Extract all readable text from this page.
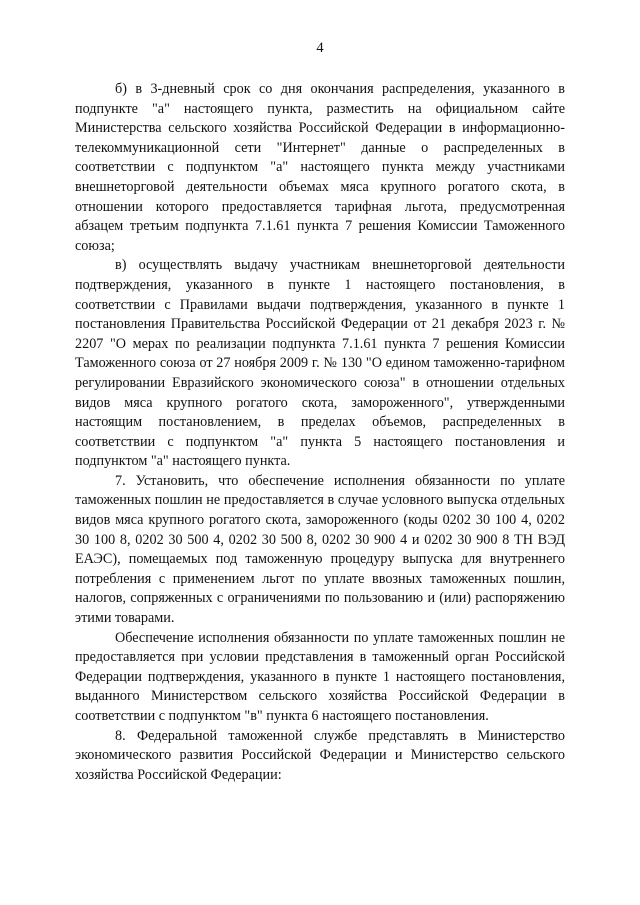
4

б) в 3-дневный срок со дня окончания распределения, указанного в подпункте "а" настоящего пункта, разместить на официальном сайте Министерства сельского хозяйства Российской Федерации в информационно-телекоммуникационной сети "Интернет" данные о распределенных в соответствии с подпунктом "а" настоящего пункта между участниками внешнеторговой деятельности объемах мяса крупного рогатого скота, в отношении которого предоставляется тарифная льгота, предусмотренная абзацем третьим подпункта 7.1.61 пункта 7 решения Комиссии Таможенного союза;

в) осуществлять выдачу участникам внешнеторговой деятельности подтверждения, указанного в пункте 1 настоящего постановления, в соответствии с Правилами выдачи подтверждения, указанного в пункте 1 постановления Правительства Российской Федерации от 21 декабря 2023 г. № 2207 "О мерах по реализации подпункта 7.1.61 пункта 7 решения Комиссии Таможенного союза от 27 ноября 2009 г. № 130 "О едином таможенно-тарифном регулировании Евразийского экономического союза" в отношении отдельных видов мяса крупного рогатого скота, замороженного", утвержденными настоящим постановлением, в пределах объемов, распределенных в соответствии с подпунктом "а" пункта 5 настоящего постановления и подпунктом "а" настоящего пункта.

7. Установить, что обеспечение исполнения обязанности по уплате таможенных пошлин не предоставляется в случае условного выпуска отдельных видов мяса крупного рогатого скота, замороженного (коды 0202 30 100 4, 0202 30 100 8, 0202 30 500 4, 0202 30 500 8, 0202 30 900 4 и 0202 30 900 8 ТН ВЭД ЕАЭС), помещаемых под таможенную процедуру выпуска для внутреннего потребления с применением льгот по уплате ввозных таможенных пошлин, налогов, сопряженных с ограничениями по пользованию и (или) распоряжению этими товарами.

Обеспечение исполнения обязанности по уплате таможенных пошлин не предоставляется при условии представления в таможенный орган Российской Федерации подтверждения, указанного в пункте 1 настоящего постановления, выданного Министерством сельского хозяйства Российской Федерации в соответствии с подпунктом "в" пункта 6 настоящего постановления.

8. Федеральной таможенной службе представлять в Министерство экономического развития Российской Федерации и Министерство сельского хозяйства Российской Федерации:
